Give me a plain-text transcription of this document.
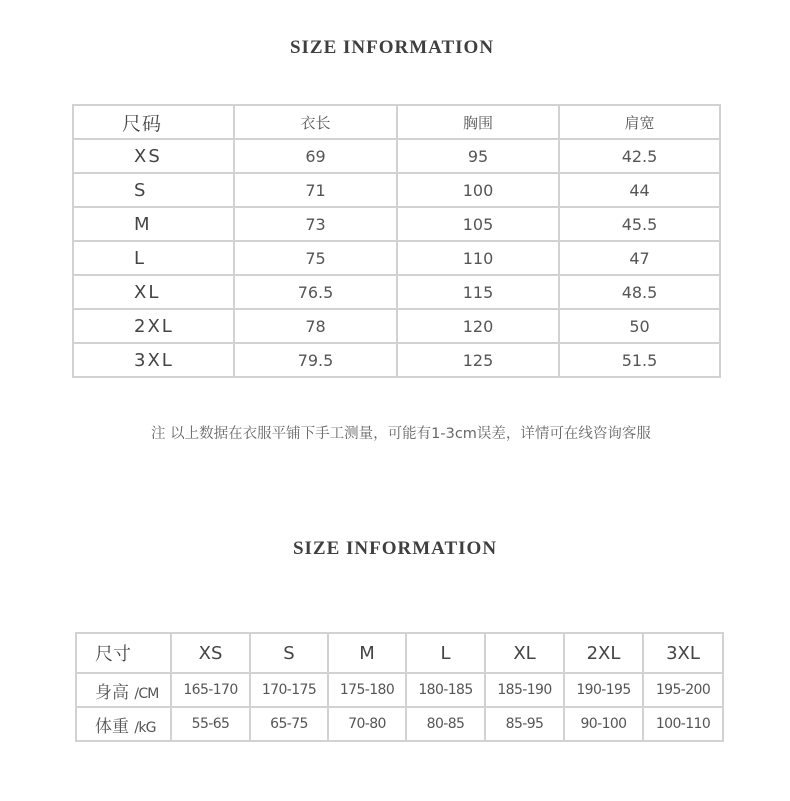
SIZE INFORMATION
尺码	衣长	胸围	肩宽
XS	69	95	42.5
S	71	100	44
M	73	105	45.5
L	75	110	47
XL	76.5	115	48.5
2XL	78	120	50
3XL	79.5	125	51.5
注 以上数据在衣服平铺下手工测量，可能有1-3cm误差，详情可在线咨询客服
SIZE INFORMATION
尺寸	XS	S	M	L	XL	2XL	3XL
身高 /CM	165-170	170-175	175-180	180-185	185-190	190-195	195-200
体重 /kG	55-65	65-75	70-80	80-85	85-95	90-100	100-110
